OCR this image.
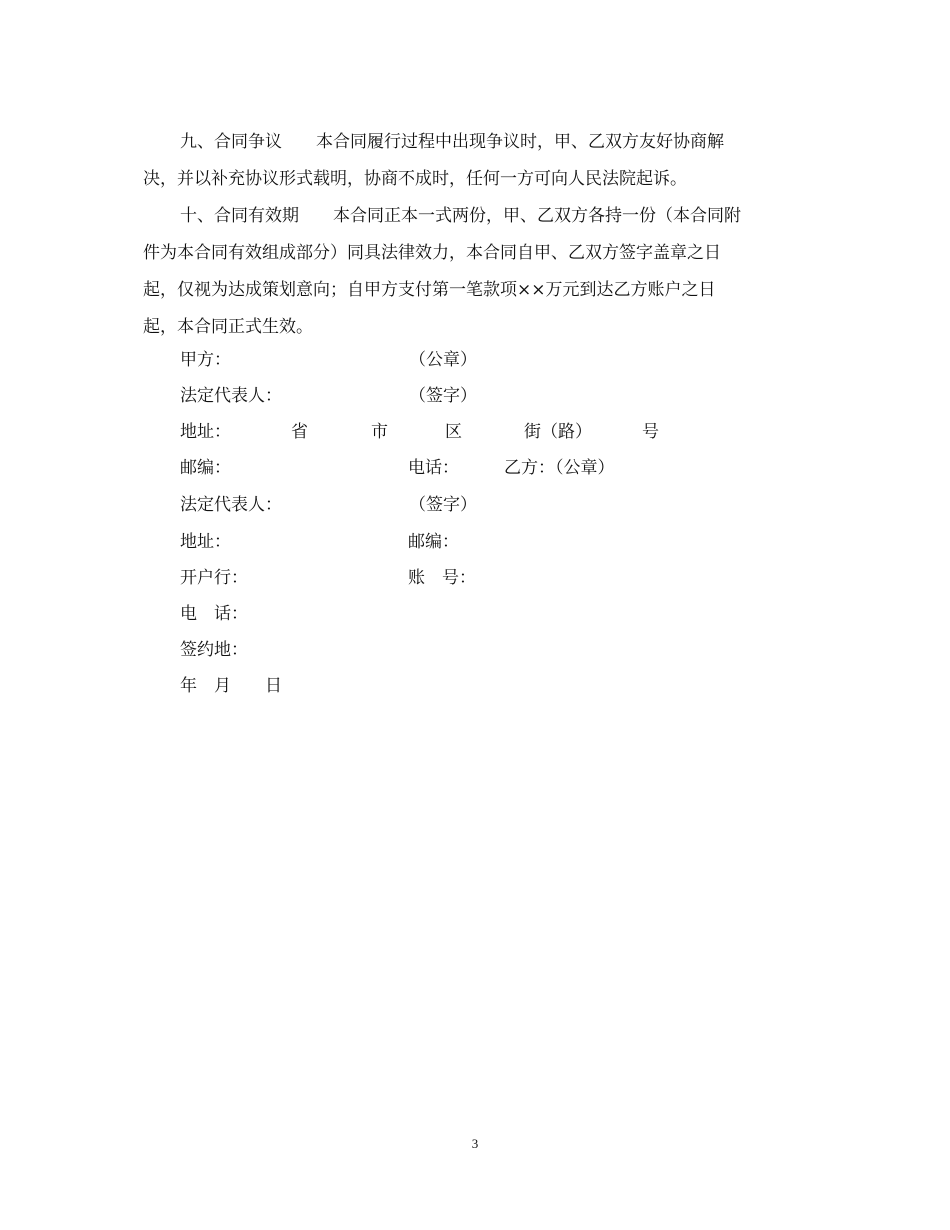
九、合同争议　　本合同履行过程中出现争议时，甲、乙双方友好协商解
决，并以补充协议形式载明，协商不成时，任何一方可向人民法院起诉。
十、合同有效期　　本合同正本一式两份，甲、乙双方各持一份（本合同附
件为本合同有效组成部分）同具法律效力，本合同自甲、乙双方签字盖章之日
起，仅视为达成策划意向；自甲方支付第一笔款项××万元到达乙方账户之日
起，本合同正式生效。
甲方：	（公章）
法定代表人：	（签字）
地址：	省	市	区	街（路）	号
邮编：	电话：	乙方：（公章）
法定代表人：	（签字）
地址：	邮编：
开户行：	账　号：
电　话：
签约地：
年　月　　日
3
